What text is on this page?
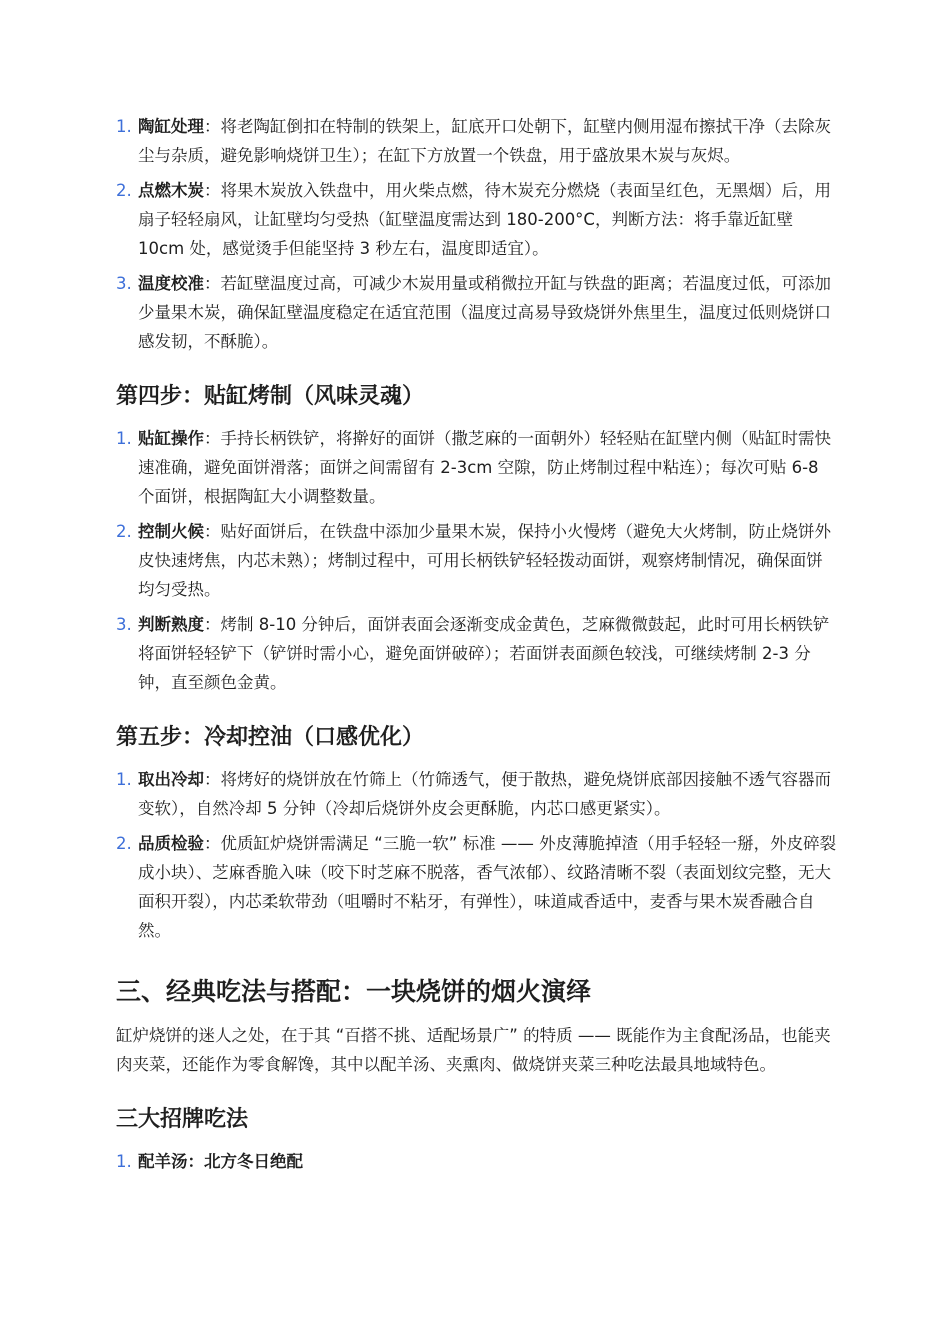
1. 陶缸处理：将老陶缸倒扣在特制的铁架上，缸底开口处朝下，缸壁内侧用湿布擦拭干净（去除灰尘与杂质，避免影响烧饼卫生）；在缸下方放置一个铁盘，用于盛放果木炭与灰烬。
2. 点燃木炭：将果木炭放入铁盘中，用火柴点燃，待木炭充分燃烧（表面呈红色，无黑烟）后，用扇子轻轻扇风，让缸壁均匀受热（缸壁温度需达到 180-200°C，判断方法：将手靠近缸壁 10cm 处，感觉烫手但能坚持 3 秒左右，温度即适宜）。
3. 温度校准：若缸壁温度过高，可减少木炭用量或稍微拉开缸与铁盘的距离；若温度过低，可添加少量果木炭，确保缸壁温度稳定在适宜范围（温度过高易导致烧饼外焦里生，温度过低则烧饼口感发韧，不酥脆）。
第四步：贴缸烤制（风味灵魂）
1. 贴缸操作：手持长柄铁铲，将擀好的面饼（撒芝麻的一面朝外）轻轻贴在缸壁内侧（贴缸时需快速准确，避免面饼滑落；面饼之间需留有 2-3cm 空隙，防止烤制过程中粘连）；每次可贴 6-8 个面饼，根据陶缸大小调整数量。
2. 控制火候：贴好面饼后，在铁盘中添加少量果木炭，保持小火慢烤（避免大火烤制，防止烧饼外皮快速烤焦，内芯未熟）；烤制过程中，可用长柄铁铲轻轻拨动面饼，观察烤制情况，确保面饼均匀受热。
3. 判断熟度：烤制 8-10 分钟后，面饼表面会逐渐变成金黄色，芝麻微微鼓起，此时可用长柄铁铲将面饼轻轻铲下（铲饼时需小心，避免面饼破碎）；若面饼表面颜色较浅，可继续烤制 2-3 分钟，直至颜色金黄。
第五步：冷却控油（口感优化）
1. 取出冷却：将烤好的烧饼放在竹筛上（竹筛透气，便于散热，避免烧饼底部因接触不透气容器而变软），自然冷却 5 分钟（冷却后烧饼外皮会更酥脆，内芯口感更紧实）。
2. 品质检验：优质缸炉烧饼需满足 “三脆一软” 标准 —— 外皮薄脆掉渣（用手轻轻一掰，外皮碎裂成小块）、芝麻香脆入味（咬下时芝麻不脱落，香气浓郁）、纹路清晰不裂（表面划纹完整，无大面积开裂），内芯柔软带劲（咀嚼时不粘牙，有弹性），味道咸香适中，麦香与果木炭香融合自然。
三、经典吃法与搭配：一块烧饼的烟火演绎

缸炉烧饼的迷人之处，在于其 “百搭不挑、适配场景广” 的特质 —— 既能作为主食配汤品，也能夹肉夹菜，还能作为零食解馋，其中以配羊汤、夹熏肉、做烧饼夹菜三种吃法最具地域特色。

三大招牌吃法
1. 配羊汤：北方冬日绝配
